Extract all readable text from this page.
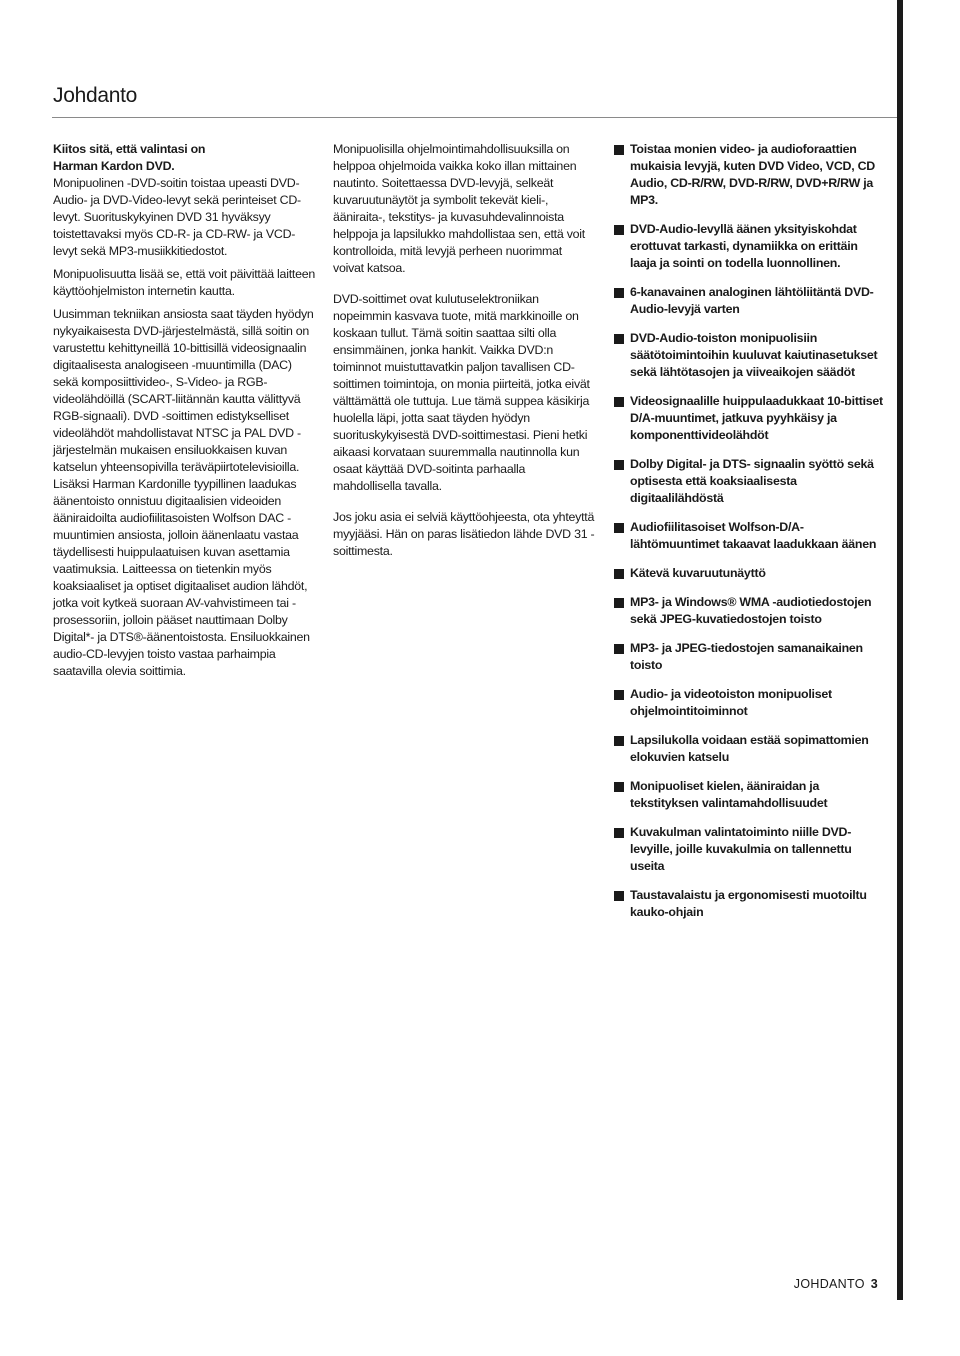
Johdanto

Kiitos sitä, että valintasi on
Harman Kardon DVD.

Monipuolinen -DVD-soitin toistaa upeasti DVD-Audio- ja DVD-Video-levyt sekä perinteiset CD-levyt. Suorituskykyinen DVD 31 hyväksyy toistettavaksi myös CD-R- ja CD-RW- ja VCD-levyt sekä MP3-musiikkitiedostot.

Monipuolisuutta lisää se, että voit päivittää laitteen käyttöohjelmiston internetin kautta.

Uusimman tekniikan ansiosta saat täyden hyödyn nykyaikaisesta DVD-järjestelmästä, sillä soitin on varustettu kehittyneillä 10-bittisillä videosignaalin digitaalisesta analogiseen -muuntimilla (DAC) sekä komposiittivideo-, S-Video- ja RGB-videolähdöillä (SCART-liitännän kautta välittyvä RGB-signaali). DVD -soittimen edistykselliset videolähdöt mahdollistavat NTSC ja PAL DVD -järjestelmän mukaisen ensiluokkaisen kuvan katselun yhteensopivilla teräväpiirtotelevisioilla. Lisäksi Harman Kardonille tyypillinen laadukas äänentoisto onnistuu digitaalisien videoiden ääniraidoilta audiofiilitasoisten Wolfson DAC -muuntimien ansiosta, jolloin äänenlaatu vastaa täydellisesti huippulaatuisen kuvan asettamia vaatimuksia. Laitteessa on tietenkin myös koaksiaaliset ja optiset digitaaliset audion lähdöt, jotka voit kytkeä suoraan AV-vahvistimeen tai -prosessoriin, jolloin pääset nauttimaan Dolby Digital*- ja DTS®-äänentoistosta. Ensiluokkainen audio-CD-levyjen toisto vastaa parhaimpia saatavilla olevia soittimia.

Monipuolisilla ohjelmointimahdollisuuksilla on helppoa ohjelmoida vaikka koko illan mittainen nautinto. Soitettaessa DVD-levyjä, selkeät kuvaruutunäytöt ja symbolit tekevät kieli-, ääniraita-, tekstitys- ja kuvasuhdevalinnoista helppoja ja lapsilukko mahdollistaa sen, että voit kontrolloida, mitä levyjä perheen nuorimmat voivat katsoa.

DVD-soittimet ovat kulutuselektroniikan nopeimmin kasvava tuote, mitä markkinoille on koskaan tullut. Tämä soitin saattaa silti olla ensimmäinen, jonka hankit. Vaikka DVD:n toiminnot muistuttavatkin paljon tavallisen CD-soittimen toimintoja, on monia piirteitä, jotka eivät välttämättä ole tuttuja. Lue tämä suppea käsikirja huolella läpi, jotta saat täyden hyödyn suorituskykyisestä DVD-soittimestasi. Pieni hetki aikaasi korvataan suuremmalla nautinnolla kun osaat käyttää DVD-soitinta parhaalla mahdollisella tavalla.

Jos joku asia ei selviä käyttöohjeesta, ota yhteyttä myyjääsi. Hän on paras lisätiedon lähde DVD 31 -soittimesta.

Toistaa monien video- ja audioforaattien mukaisia levyjä, kuten DVD Video, VCD, CD Audio, CD-R/RW, DVD-R/RW, DVD+R/RW ja MP3.
DVD-Audio-levyllä äänen yksityiskohdat erottuvat tarkasti, dynamiikka on erittäin laaja ja sointi on todella luonnollinen.
6-kanavainen analoginen lähtöliitäntä DVD-Audio-levyjä varten
DVD-Audio-toiston monipuolisiin säätötoimintoihin kuuluvat kaiutinasetukset sekä lähtötasojen ja viiveaikojen säädöt
Videosignaalille huippulaadukkaat 10-bittiset D/A-muuntimet, jatkuva pyyhkäisy ja komponenttivideolähdöt
Dolby Digital- ja DTS- signaalin syöttö sekä optisesta että koaksiaalisesta digitaalilähdöstä
Audiofiilitasoiset Wolfson-D/A-lähtömuuntimet takaavat laadukkaan äänen
Kätevä kuvaruutunäyttö
MP3- ja Windows® WMA -audiotiedostojen sekä JPEG-kuvatiedostojen toisto
MP3- ja JPEG-tiedostojen samanaikainen toisto
Audio- ja videotoiston monipuoliset ohjelmointitoiminnot
Lapsilukolla voidaan estää sopimattomien elokuvien katselu
Monipuoliset kielen, ääniraidan ja tekstityksen valintamahdollisuudet
Kuvakulman valintatoiminto niille DVD-levyille, joille kuvakulmia on tallennettu useita
Taustavalaistu ja ergonomisesti muotoiltu kauko-ohjain
JOHDANTO 3
